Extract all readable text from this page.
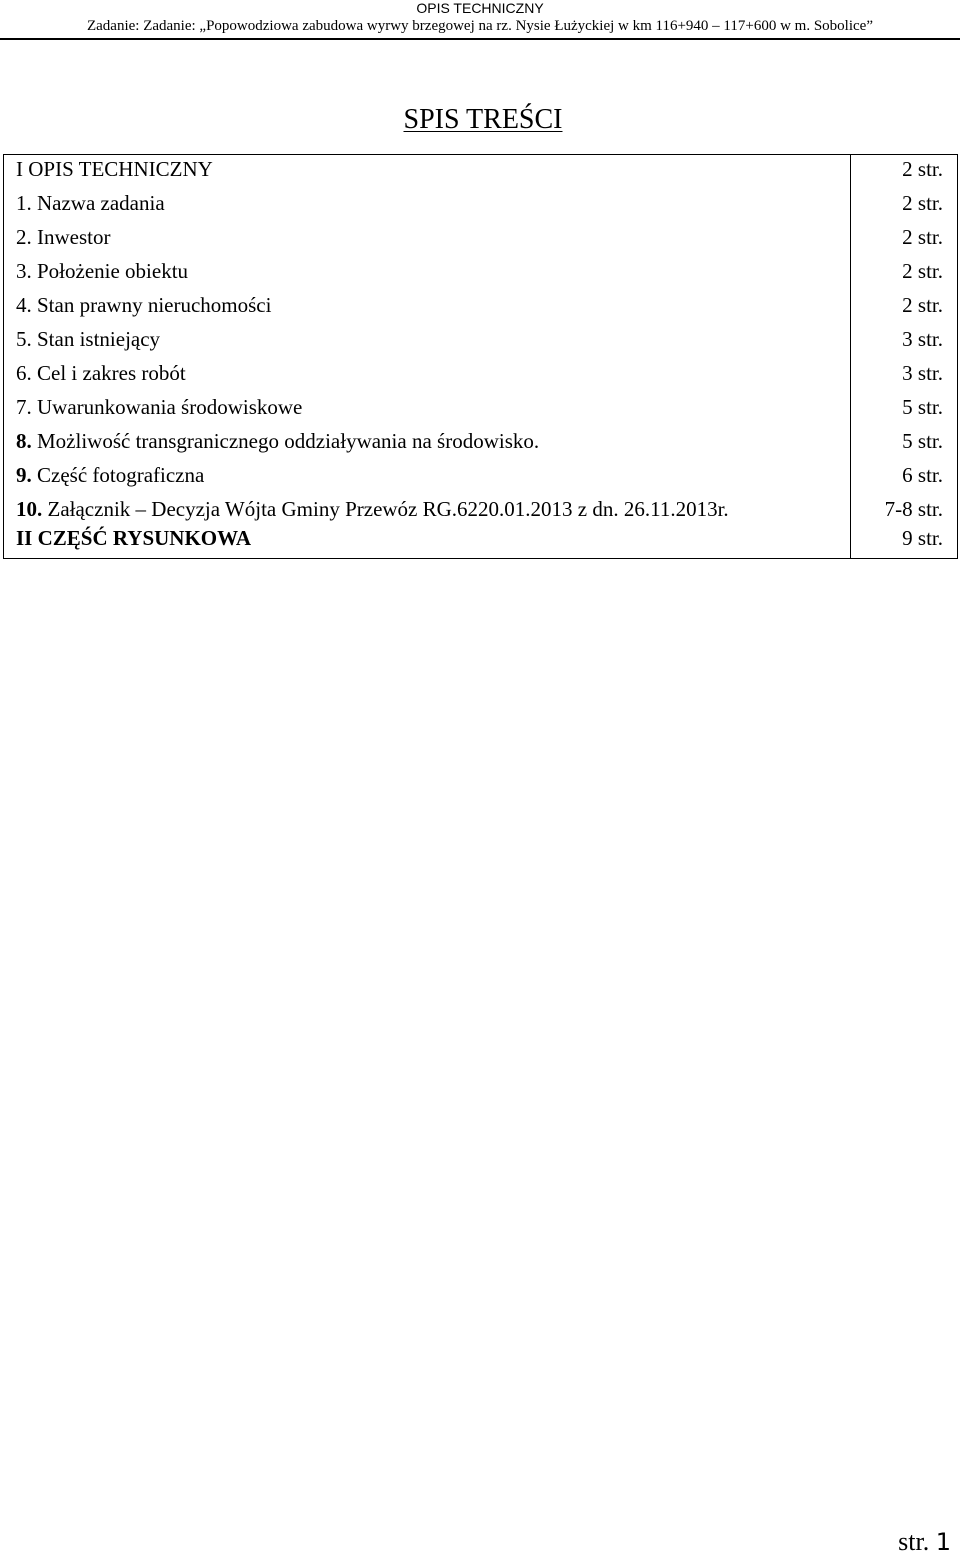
OPIS TECHNICZNY
Zadanie: Zadanie: „Popowodziowa zabudowa wyrwy brzegowej na rz. Nysie Łużyckiej w km 116+940 – 117+600 w m. Sobolice”
SPIS TREŚCI
I OPIS TECHNICZNY	2 str.
1. Nazwa zadania	2 str.
2. Inwestor	2 str.
3. Położenie obiektu	2 str.
4. Stan prawny nieruchomości	2 str.
5. Stan istniejący	3 str.
6. Cel i zakres robót	3 str.
7. Uwarunkowania środowiskowe	5 str.
8. Możliwość transgranicznego oddziaływania na środowisko.	5 str.
9. Część fotograficzna	6 str.
10. Załącznik – Decyzja Wójta Gminy Przewóz RG.6220.01.2013 z dn. 26.11.2013r.	7-8 str.
II CZĘŚĆ RYSUNKOWA	9 str.
str. 1
